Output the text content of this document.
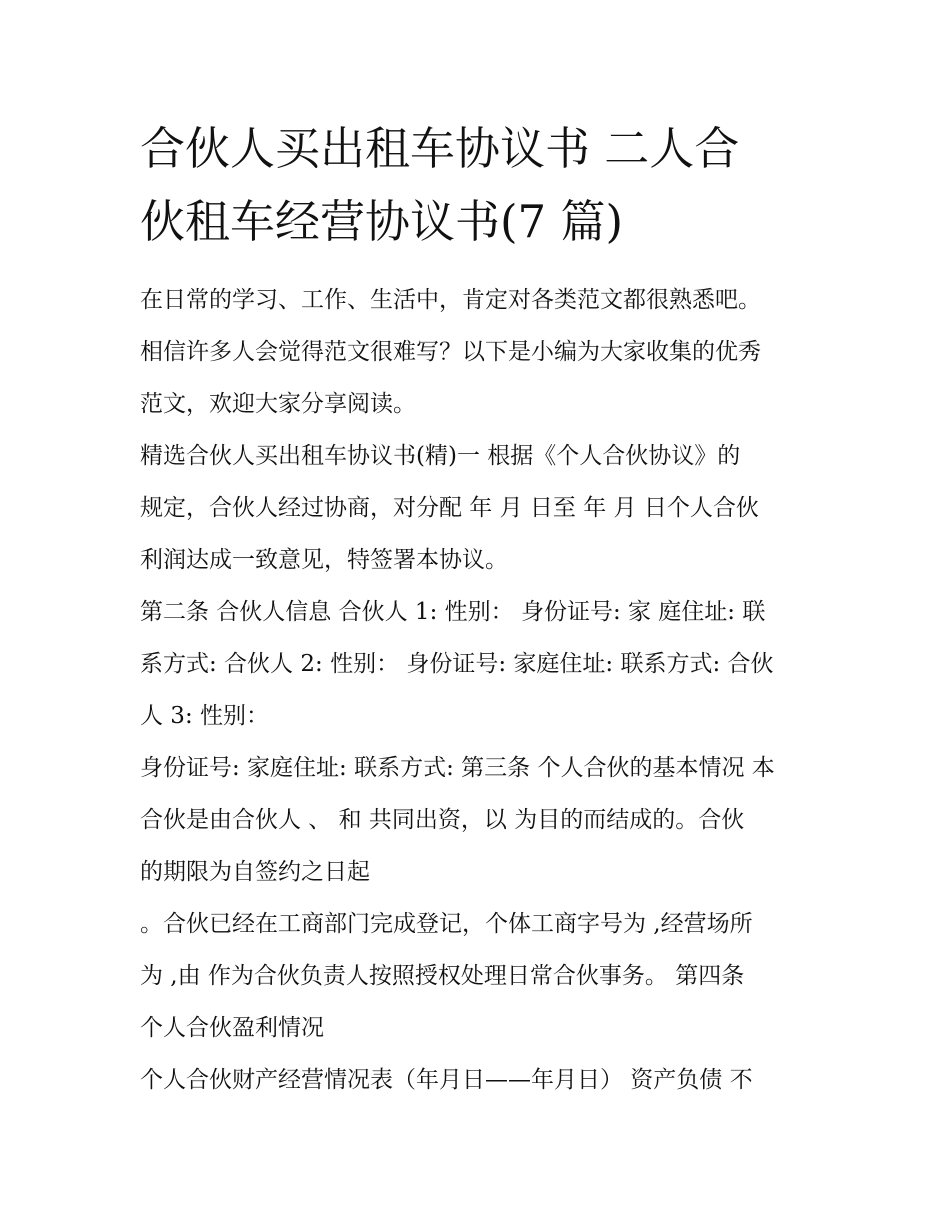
合伙人买出租车协议书 二人合
伙租车经营协议书(7 篇)
在日常的学习、工作、生活中，肯定对各类范文都很熟悉吧。
相信许多人会觉得范文很难写？以下是小编为大家收集的优秀
范文，欢迎大家分享阅读。
精选合伙人买出租车协议书(精)一 根据《个人合伙协议》的
规定，合伙人经过协商，对分配 年 月 日至 年 月 日个人合伙
利润达成一致意见，特签署本协议。
第二条 合伙人信息 合伙人 1: 性别： 身份证号: 家 庭住址: 联
系方式: 合伙人 2: 性别： 身份证号: 家庭住址: 联系方式: 合伙
人 3: 性别：
身份证号: 家庭住址: 联系方式: 第三条 个人合伙的基本情况 本
合伙是由合伙人 、 和 共同出资，以 为目的而结成的。合伙
的期限为自签约之日起
。合伙已经在工商部门完成登记，个体工商字号为 ,经营场所
为 ,由 作为合伙负责人按照授权处理日常合伙事务。 第四条
个人合伙盈利情况
个人合伙财产经营情况表（年月日——年月日） 资产负债 不
